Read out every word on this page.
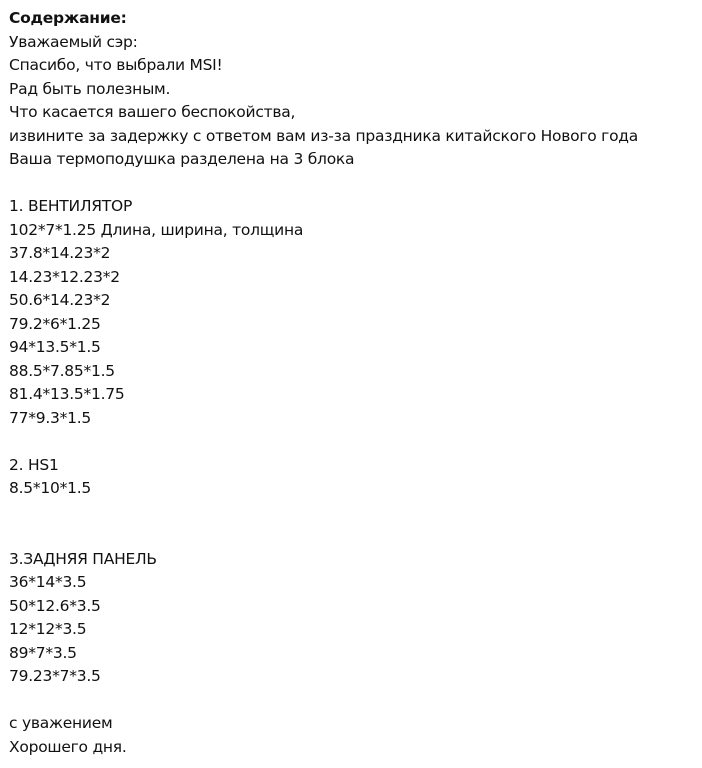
Содержание:
Уважаемый сэр:
Спасибо, что выбрали MSI!
Рад быть полезным.
Что касается вашего беспокойства,
извините за задержку с ответом вам из-за праздника китайского Нового года
Ваша термоподушка разделена на 3 блока
1. ВЕНТИЛЯТОР
102*7*1.25 Длина, ширина, толщина
37.8*14.23*2
14.23*12.23*2
50.6*14.23*2
79.2*6*1.25
94*13.5*1.5
88.5*7.85*1.5
81.4*13.5*1.75
77*9.3*1.5
2. HS1
8.5*10*1.5
3.ЗАДНЯЯ ПАНЕЛЬ
36*14*3.5
50*12.6*3.5
12*12*3.5
89*7*3.5
79.23*7*3.5
с уважением
Хорошего дня.
